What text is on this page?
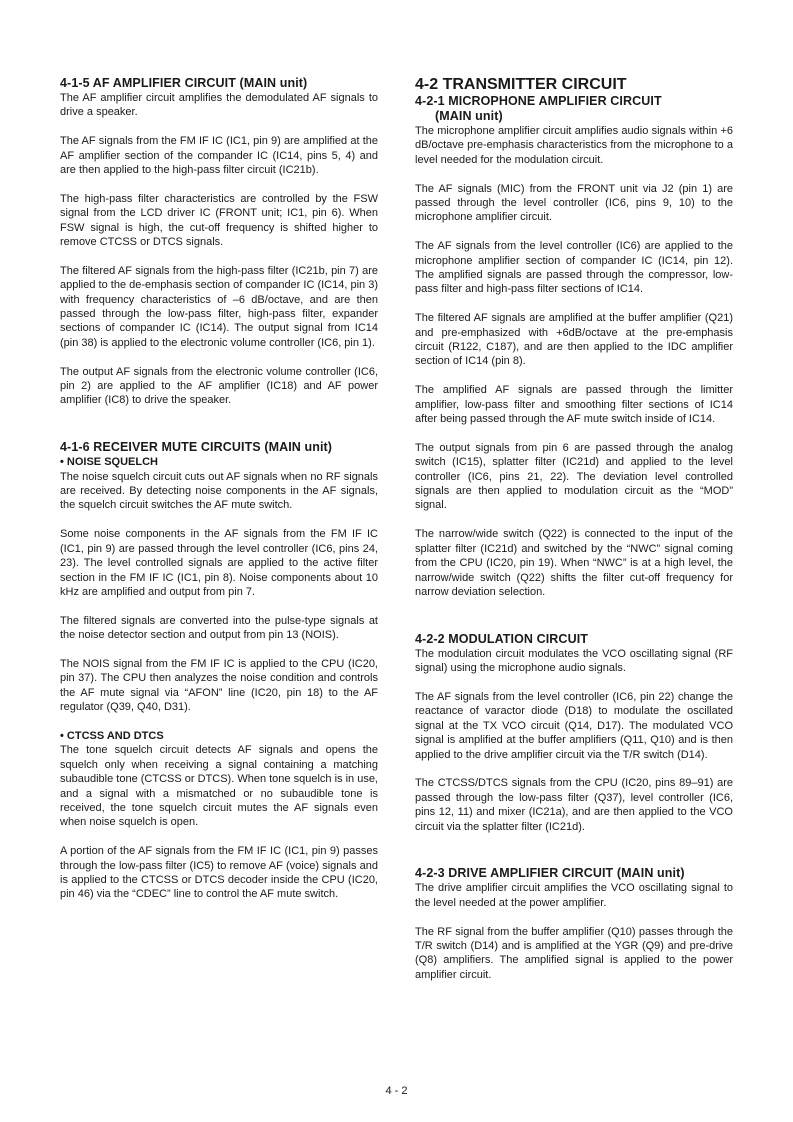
4-1-5 AF AMPLIFIER CIRCUIT (MAIN unit)

The AF amplifier circuit amplifies the demodulated AF signals to drive a speaker.

The AF signals from the FM IF IC (IC1, pin 9) are amplified at the AF amplifier section of the compander IC (IC14, pins 5, 4) and are then applied to the high-pass filter circuit (IC21b).

The high-pass filter characteristics are controlled by the FSW signal from the LCD driver IC (FRONT unit; IC1, pin 6). When FSW signal is high, the cut-off frequency is shifted higher to remove CTCSS or DTCS signals.

The filtered AF signals from the high-pass filter (IC21b, pin 7) are applied to the de-emphasis section of compander IC (IC14, pin 3) with frequency characteristics of –6 dB/octave, and are then passed through the low-pass filter, high-pass filter, expander sections of compander IC (IC14). The output signal from IC14 (pin 38) is applied to the electronic volume controller (IC6, pin 1).

The output AF signals from the electronic volume controller (IC6, pin 2) are applied to the AF amplifier (IC18) and AF power amplifier (IC8) to drive the speaker.

4-1-6 RECEIVER MUTE CIRCUITS (MAIN unit)
• NOISE SQUELCH

The noise squelch circuit cuts out AF signals when no RF signals are received. By detecting noise components in the AF signals, the squelch circuit switches the AF mute switch.

Some noise components in the AF signals from the FM IF IC (IC1, pin 9) are passed through the level controller (IC6, pins 24, 23). The level controlled signals are applied to the active filter section in the FM IF IC (IC1, pin 8). Noise components about 10 kHz are amplified and output from pin 7.

The filtered signals are converted into the pulse-type signals at the noise detector section and output from pin 13 (NOIS).

The NOIS signal from the FM IF IC is applied to the CPU (IC20, pin 37). The CPU then analyzes the noise condition and controls the AF mute signal via “AFON” line (IC20, pin 18) to the AF regulator (Q39, Q40, D31).

• CTCSS AND DTCS

The tone squelch circuit detects AF signals and opens the squelch only when receiving a signal containing a matching subaudible tone (CTCSS or DTCS). When tone squelch is in use, and a signal with a mismatched or no subaudible tone is received, the tone squelch circuit mutes the AF signals even when noise squelch is open.

A portion of the AF signals from the FM IF IC (IC1, pin 9) passes through the low-pass filter (IC5) to remove AF (voice) signals and is applied to the CTCSS or DTCS decoder inside the CPU (IC20, pin 46) via the “CDEC” line to control the AF mute switch.

4-2 TRANSMITTER CIRCUIT
4-2-1 MICROPHONE AMPLIFIER CIRCUIT
(MAIN unit)

The microphone amplifier circuit amplifies audio signals within +6 dB/octave pre-emphasis characteristics from the microphone to a level needed for the modulation circuit.

The AF signals (MIC) from the FRONT unit via J2 (pin 1) are passed through the level controller (IC6, pins 9, 10) to the microphone amplifier circuit.

The AF signals from the level controller (IC6) are applied to the microphone amplifier section of compander IC (IC14, pin 12). The amplified signals are passed through the compressor, low-pass filter and high-pass filter sections of IC14.

The filtered AF signals are amplified at the buffer amplifier (Q21) and pre-emphasized with +6dB/octave at the pre-emphasis circuit (R122, C187), and are then applied to the IDC amplifier section of IC14 (pin 8).

The amplified AF signals are passed through the limitter amplifier, low-pass filter and smoothing filter sections of IC14 after being passed through the AF mute switch inside of IC14.

The output signals from pin 6 are passed through the analog switch (IC15), splatter filter (IC21d) and applied to the level controller (IC6, pins 21, 22). The deviation level controlled signals are then applied to modulation circuit as the “MOD” signal.

The narrow/wide switch (Q22) is connected to the input of the splatter filter (IC21d) and switched by the “NWC” signal coming from the CPU (IC20, pin 19). When “NWC” is at a high level, the narrow/wide switch (Q22) shifts the filter cut-off frequency for narrow deviation selection.

4-2-2 MODULATION CIRCUIT

The modulation circuit modulates the VCO oscillating signal (RF signal) using the microphone audio signals.

The AF signals from the level controller (IC6, pin 22) change the reactance of varactor diode (D18) to modulate the oscillated signal at the TX VCO circuit (Q14, D17). The modulated VCO signal is amplified at the buffer amplifiers (Q11, Q10) and is then applied to the drive amplifier circuit via the T/R switch (D14).

The CTCSS/DTCS signals from the CPU (IC20, pins 89–91) are passed through the low-pass filter (Q37), level controller (IC6, pins 12, 11) and mixer (IC21a), and are then applied to the VCO circuit via the splatter filter (IC21d).

4-2-3 DRIVE AMPLIFIER CIRCUIT (MAIN unit)

The drive amplifier circuit amplifies the VCO oscillating signal to the level needed at the power amplifier.

The RF signal from the buffer amplifier (Q10) passes through the T/R switch (D14) and is amplified at the YGR (Q9) and pre-drive (Q8) amplifiers. The amplified signal is applied to the power amplifier circuit.

4 - 2
